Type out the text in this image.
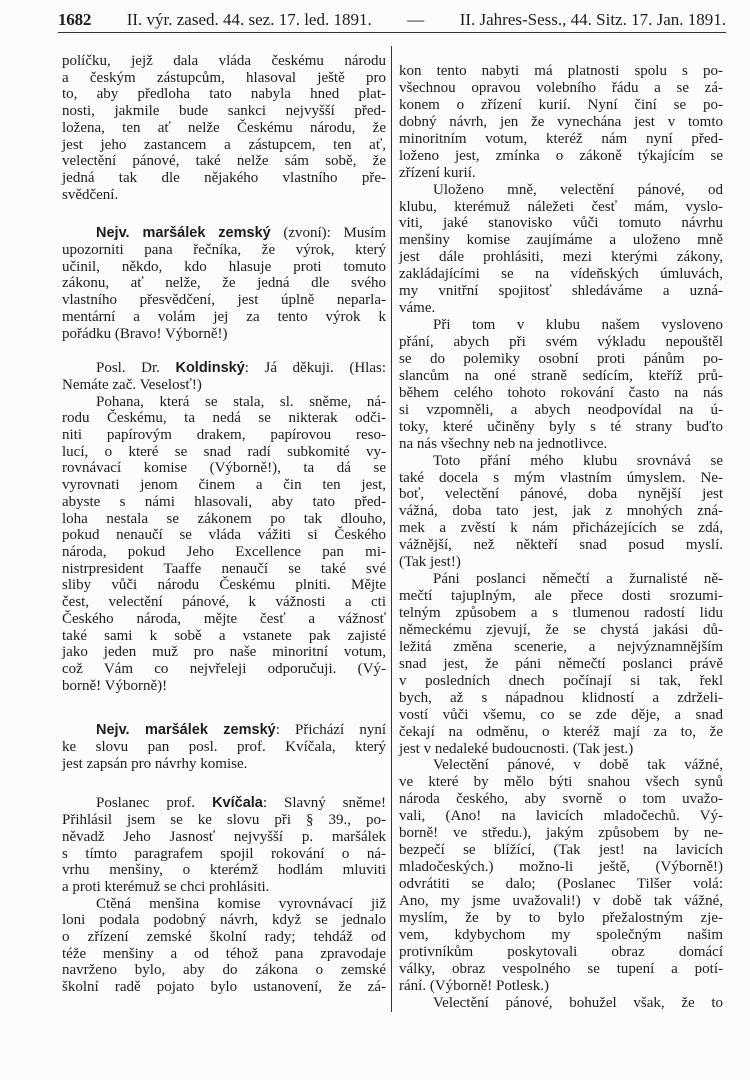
1682 II. výr. zased. 44. sez. 17. led. 1891. — II. Jahres-Sess., 44. Sitz. 17. Jan. 1891.
políčku, jejž dala vláda českému národu
a českým zástupcům, hlasoval ještě pro
to, aby předloha tato nabyla hned plat-
nosti, jakmile bude sankci nejvyšší před-
ložena, ten ať nelže Českému národu, že
jest jeho zastancem a zástupcem, ten ať,
velectění pánové, také nelže sám sobě, že
jedná tak dle nějakého vlastního pře-
svědčení.
Nejv. maršálek zemský (zvoní): Musím
upozorniti pana řečníka, že výrok, který
učinil, někdo, kdo hlasuje proti tomuto
zákonu, ať nelže, že jedná dle svého
vlastního přesvědčení, jest úplně neparla-
mentární a volám jej za tento výrok k
pořádku (Bravo! Výborně!)
Posl. Dr. Koldinský: Já děkuji. (Hlas:
Nemáte zač. Veselosť!)
Pohana, která se stala, sl. sněme, ná-
rodu Českému, ta nedá se nikterak odči-
niti papírovým drakem, papírovou reso-
lucí, o které se snad radí subkomité vy-
rovnávací komise (Výborně!), ta dá se
vyrovnati jenom činem a čin ten jest,
abyste s námi hlasovali, aby tato před-
loha nestala se zákonem po tak dlouho,
pokud nenaučí se vláda vážiti si Českého
národa, pokud Jeho Excellence pan mi-
nistrpresident Taaffe nenaučí se také své
sliby vůči národu Českému plniti. Mějte
čest, velectění pánové, k vážnosti a cti
Českého národa, mějte česť a vážnosť
také sami k sobě a vstanete pak zajisté
jako jeden muž pro naše minoritní votum,
což Vám co nejvřeleji odporučuji. (Vý-
borně! Výborně)!
Nejv. maršálek zemský: Přichází nyní
ke slovu pan posl. prof. Kvíčala, který
jest zapsán pro návrhy komise.
Poslanec prof. Kvíčala: Slavný sněme!
Přihlásil jsem se ke slovu při § 39., po-
něvadž Jeho Jasnosť nejvyšší p. maršálek
s tímto paragrafem spojil rokování o ná-
vrhu menšiny, o kterémž hodlám mluviti
a proti kterémuž se chci prohlásiti.
Ctěná menšina komise vyrovnávací již
loni podala podobný návrh, když se jednalo
o zřízení zemské školní rady; tehdáž od
téže menšiny a od téhož pana zpravodaje
navrženo bylo, aby do zákona o zemské
školní radě pojato bylo ustanovení, že zá-
kon tento nabyti má platnosti spolu s po-
všechnou opravou volebního řádu a se zá-
konem o zřízení kurií. Nyní činí se po-
dobný návrh, jen že vynechána jest v tomto
minoritním votum, kteréž nám nyní před-
loženo jest, zmínka o zákoně týkajícím se
zřízení kurií.
Uloženo mně, velectění pánové, od
klubu, kterémuž náležeti česť mám, vyslo-
viti, jaké stanovisko vůči tomuto návrhu
menšiny komise zaujímáme a uloženo mně
jest dále prohlásiti, mezi kterými zákony,
zakládajícími se na vídeňských úmluvách,
my vnitřní spojitosť shledáváme a uzná-
váme.
Při tom v klubu našem vysloveno
přání, abych při svém výkladu nepouštěl
se do polemiky osobní proti pánům po-
slancům na oné straně sedícím, kteříž prů-
během celého tohoto rokování často na nás
si vzpomněli, a abych neodpovídal na ú-
toky, které učiněny byly s té strany buďto
na nás všechny neb na jednotlivce.
Toto přání mého klubu srovnává se
také docela s mým vlastním úmyslem. Ne-
boť, velectění pánové, doba nynější jest
vážná, doba tato jest, jak z mnohých zná-
mek a zvěstí k nám přicházejících se zdá,
vážnější, než někteří snad posud myslí.
(Tak jest!)
Páni poslanci němečtí a žurnalisté ně-
mečtí tajuplným, ale přece dosti srozumi-
telným způsobem a s tlumenou radostí lidu
německému zjevují, že se chystá jakási dů-
ležitá změna scenerie, a nejvýznamnějším
snad jest, že páni němečtí poslanci právě
v posledních dnech počínají si tak, řekl
bych, až s nápadnou klidností a zdrželi-
vostí vůči všemu, co se zde děje, a snad
čekají na odměnu, o kteréž mají za to, že
jest v nedaleké budoucnosti. (Tak jest.)
Velectění pánové, v době tak vážné,
ve které by mělo býti snahou všech synů
národa českého, aby svorně o tom uvažo-
vali, (Ano! na lavicích mladočechů. Vý-
borně! ve středu.), jakým způsobem by ne-
bezpečí se blížící, (Tak jest! na lavicích
mladočeských.) možno-li ještě, (Výborně!)
odvrátiti se dalo; (Poslanec Tilšer volá:
Ano, my jsme uvažovali!) v době tak vážné,
myslím, že by to bylo přežalostným zje-
vem, kdybychom my společným našim
protivníkům poskytovali obraz domácí
války, obraz vespolného se tupení a potí-
rání. (Výborně! Potlesk.)
Velectění pánové, bohužel však, že to
